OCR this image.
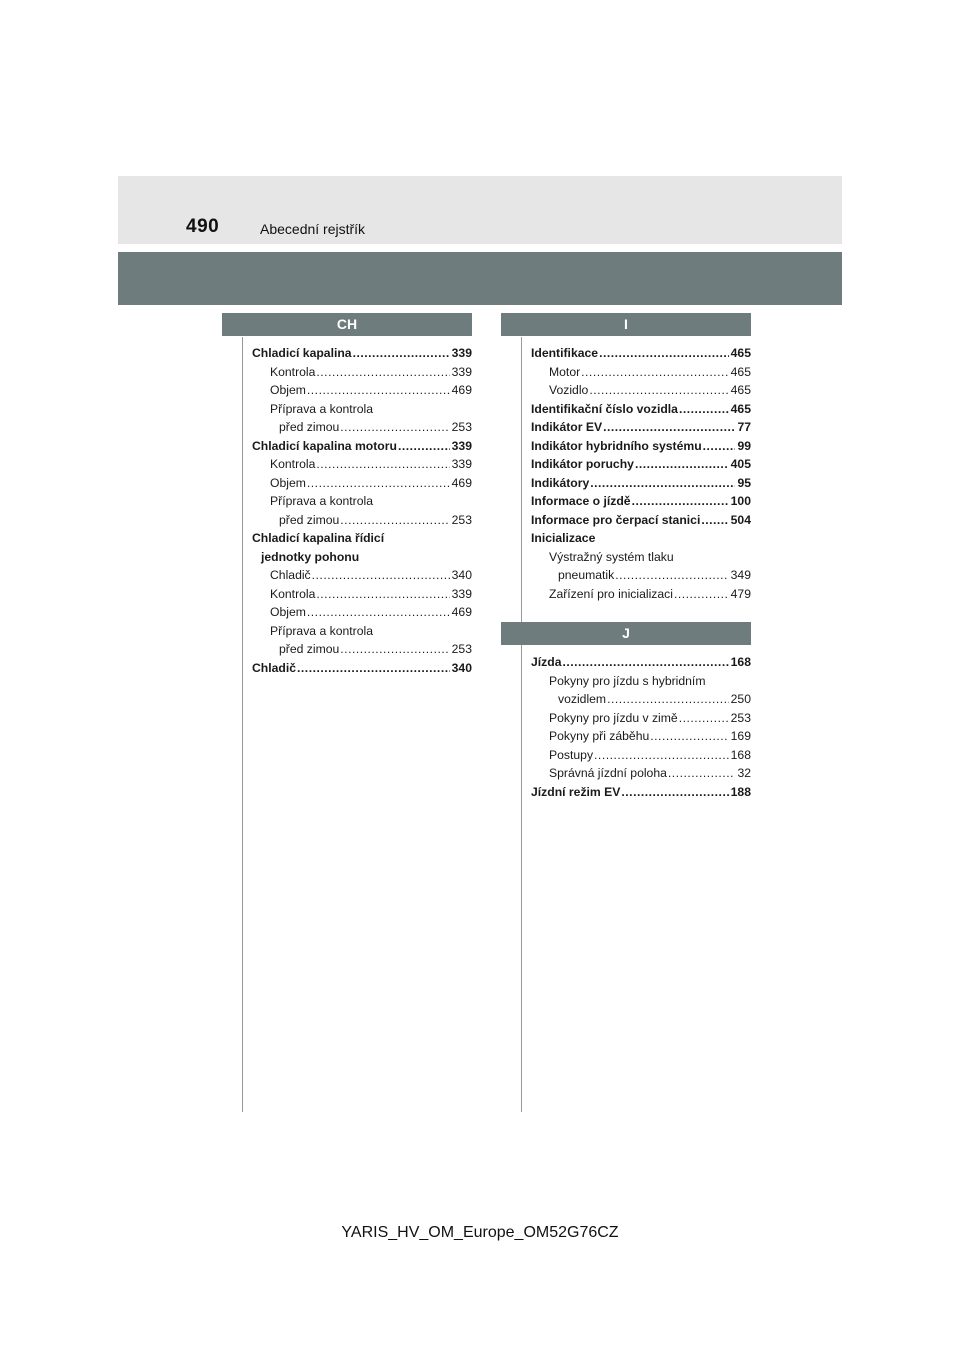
490	Abecední rejstřík
CH
Chladicí kapalina .....	339
Kontrola .....	339
Objem .....	469
Příprava a kontrola
před zimou .....	253
Chladicí kapalina motoru .....	339
Kontrola .....	339
Objem .....	469
Příprava a kontrola
před zimou .....	253
Chladicí kapalina řídicí
jednotky pohonu
Chladič .....	340
Kontrola .....	339
Objem .....	469
Příprava a kontrola
před zimou .....	253
Chladič .....	340
I
Identifikace .....	465
Motor .....	465
Vozidlo .....	465
Identifikační číslo vozidla .....	465
Indikátor EV .....	77
Indikátor hybridního systému .....	99
Indikátor poruchy .....	405
Indikátory .....	95
Informace o jízdě .....	100
Informace pro čerpací stanici ..... 504
Inicializace
Výstražný systém tlaku
pneumatik .....	349
Zařízení pro inicializaci .....	479
J
Jízda .....	168
Pokyny pro jízdu s hybridním
vozidlem .....	250
Pokyny pro jízdu v zimě .....	253
Pokyny při záběhu .....	169
Postupy .....	168
Správná jízdní poloha .....	32
Jízdní režim EV .....	188
YARIS_HV_OM_Europe_OM52G76CZ
